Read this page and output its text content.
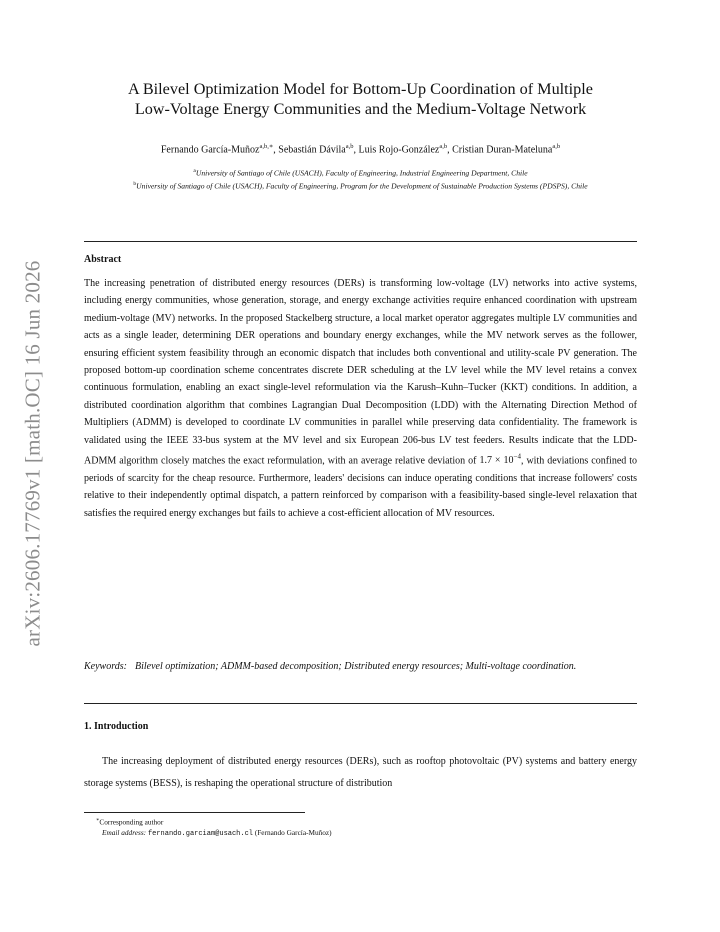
arXiv:2606.17769v1 [math.OC] 16 Jun 2026
A Bilevel Optimization Model for Bottom-Up Coordination of Multiple
Low-Voltage Energy Communities and the Medium-Voltage Network
Fernando García-Muñoz$^{a,b,∗}$, Sebastián Dávila$^{a,b}$, Luis Rojo-González$^{a,b}$, Cristian Duran-Mateluna$^{a,b}$
$^a$University of Santiago of Chile (USACH), Faculty of Engineering, Industrial Engineering Department, Chile
$^b$University of Santiago of Chile (USACH), Faculty of Engineering, Program for the Development of Sustainable Production Systems (PDSPS), Chile
Abstract
The increasing penetration of distributed energy resources (DERs) is transforming low-voltage (LV) networks into active systems, including energy communities, whose generation, storage, and energy exchange activities require enhanced coordination with upstream medium-voltage (MV) networks. In the proposed Stackelberg structure, a local market operator aggregates multiple LV communities and acts as a single leader, determining DER operations and boundary energy exchanges, while the MV network serves as the follower, ensuring efficient system feasibility through an economic dispatch that includes both conventional and utility-scale PV generation. The proposed bottom-up coordination scheme concentrates discrete DER scheduling at the LV level while the MV level retains a convex continuous formulation, enabling an exact single-level reformulation via the Karush–Kuhn–Tucker (KKT) conditions. In addition, a distributed coordination algorithm that combines Lagrangian Dual Decomposition (LDD) with the Alternating Direction Method of Multipliers (ADMM) is developed to coordinate LV communities in parallel while preserving data confidentiality. The framework is validated using the IEEE 33-bus system at the MV level and six European 206-bus LV test feeders. Results indicate that the LDD-ADMM algorithm closely matches the exact reformulation, with an average relative deviation of $1.7 \times 10^{-4}$, with deviations confined to periods of scarcity for the cheap resource. Furthermore, leaders' decisions can induce operating conditions that increase followers' costs relative to their independently optimal dispatch, a pattern reinforced by comparison with a feasibility-based single-level relaxation that satisfies the required energy exchanges but fails to achieve a cost-efficient allocation of MV resources.
Keywords: Bilevel optimization; ADMM-based decomposition; Distributed energy resources; Multi-voltage coordination.
1. Introduction
The increasing deployment of distributed energy resources (DERs), such as rooftop photovoltaic (PV) systems and battery energy storage systems (BESS), is reshaping the operational structure of distribution
∗Corresponding author
Email address: fernando.garciam@usach.cl (Fernando García-Muñoz)
